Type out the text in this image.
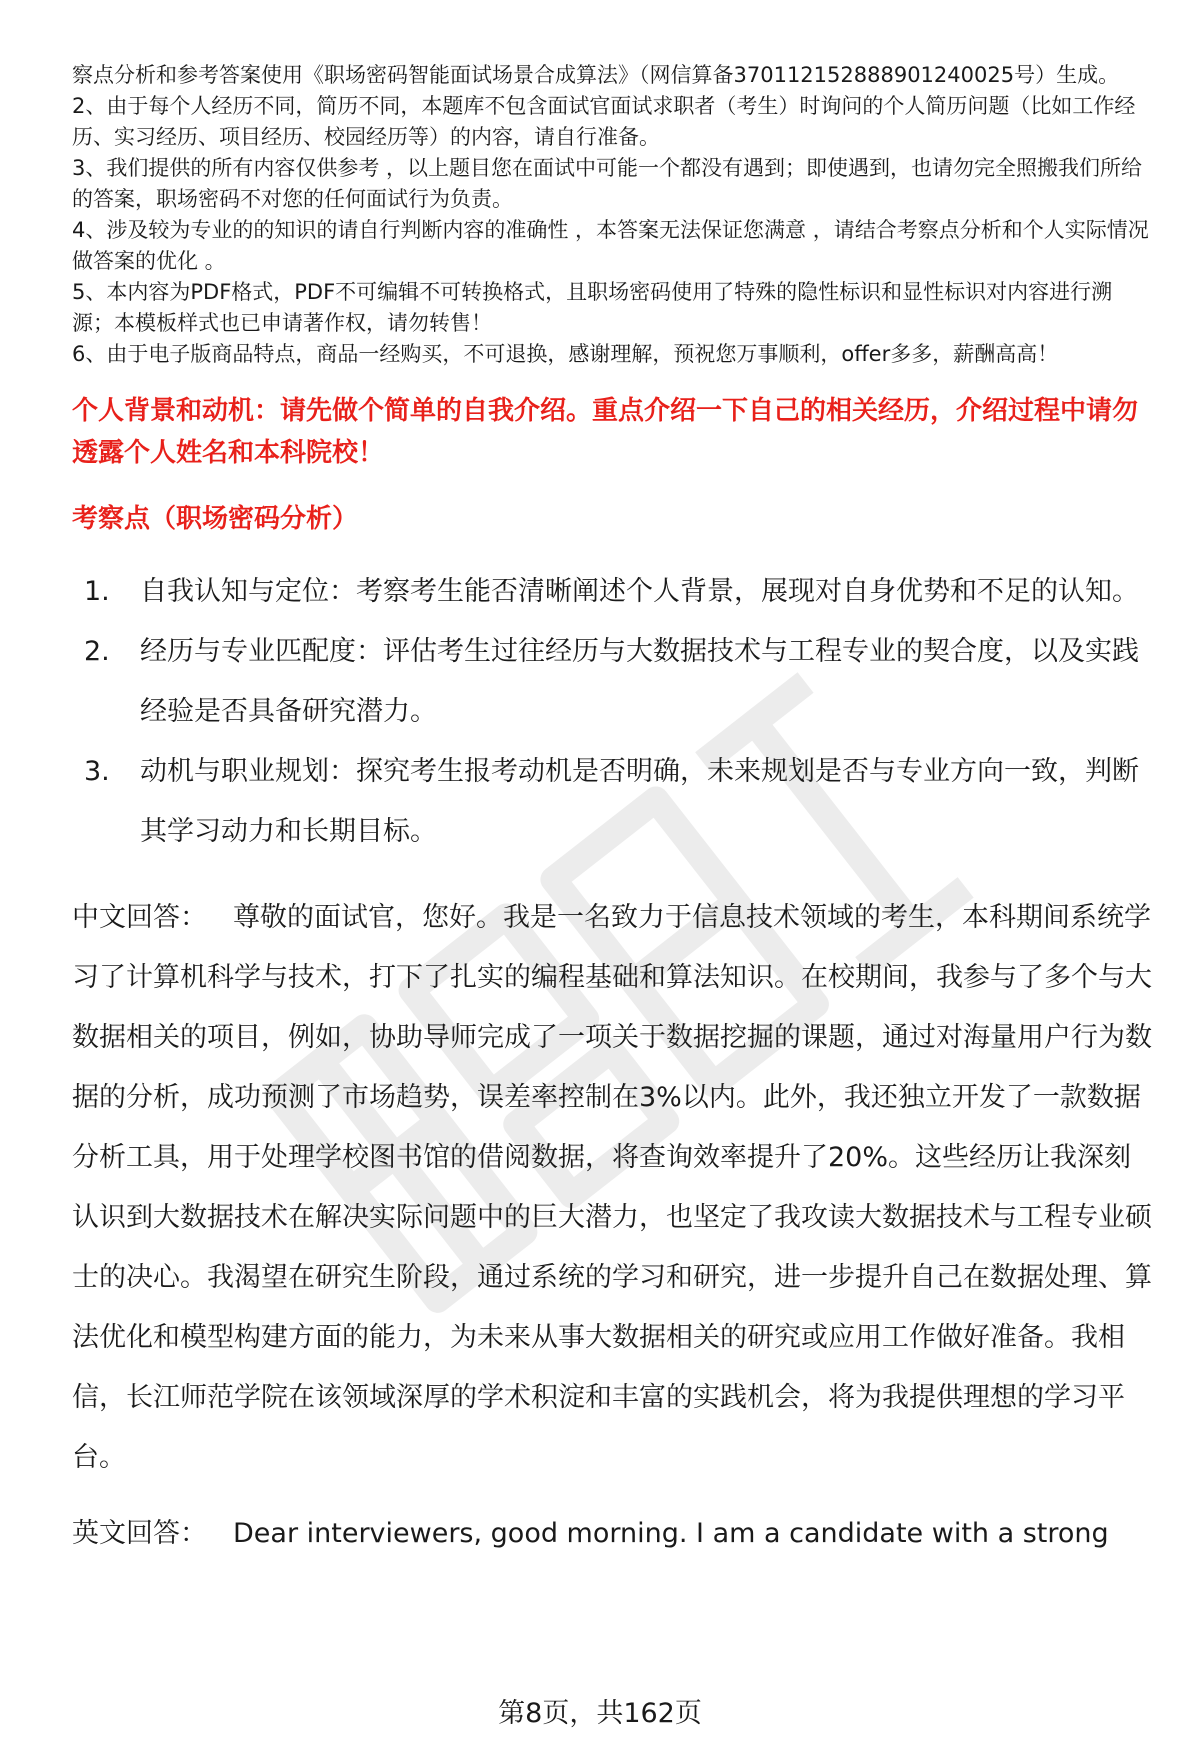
察点分析和参考答案使用《职场密码智能面试场景合成算法》（网信算备370112152888901240025号）生成。

2、由于每个人经历不同，简历不同，本题库不包含面试官面试求职者（考生）时询问的个人简历问题（比如工作经历、实习经历、项目经历、校园经历等）的内容，请自行准备。

3、我们提供的所有内容仅供参考 ，以上题目您在面试中可能一个都没有遇到；即使遇到，也请勿完全照搬我们所给的答案，职场密码不对您的任何面试行为负责。

4、涉及较为专业的的知识的请自行判断内容的准确性 ，本答案无法保证您满意 ，请结合考察点分析和个人实际情况做答案的优化 。

5、本内容为PDF格式，PDF不可编辑不可转换格式，且职场密码使用了特殊的隐性标识和显性标识对内容进行溯源；本模板样式也已申请著作权，请勿转售！

6、由于电子版商品特点，商品一经购买，不可退换，感谢理解，预祝您万事顺利，offer多多，薪酬高高！

个人背景和动机：请先做个简单的自我介绍。重点介绍一下自己的相关经历，介绍过程中请勿透露个人姓名和本科院校！
考察点（职场密码分析）
1.	自我认知与定位：考察考生能否清晰阐述个人背景，展现对自身优势和不足的认知。
2.	经历与专业匹配度：评估考生过往经历与大数据技术与工程专业的契合度，以及实践经验是否具备研究潜力。
3.	动机与职业规划：探究考生报考动机是否明确，未来规划是否与专业方向一致，判断其学习动力和长期目标。

中文回答： 尊敬的面试官，您好。我是一名致力于信息技术领域的考生，本科期间系统学习了计算机科学与技术，打下了扎实的编程基础和算法知识。在校期间，我参与了多个与大数据相关的项目，例如，协助导师完成了一项关于数据挖掘的课题，通过对海量用户行为数据的分析，成功预测了市场趋势，误差率控制在3%以内。此外，我还独立开发了一款数据分析工具，用于处理学校图书馆的借阅数据，将查询效率提升了20%。这些经历让我深刻认识到大数据技术在解决实际问题中的巨大潜力，也坚定了我攻读大数据技术与工程专业硕士的决心。我渴望在研究生阶段，通过系统的学习和研究，进一步提升自己在数据处理、算法优化和模型构建方面的能力，为未来从事大数据相关的研究或应用工作做好准备。我相信，长江师范学院在该领域深厚的学术积淀和丰富的实践机会，将为我提供理想的学习平台。

英文回答： Dear interviewers, good morning. I am a candidate with a strong

第8页，共162页
